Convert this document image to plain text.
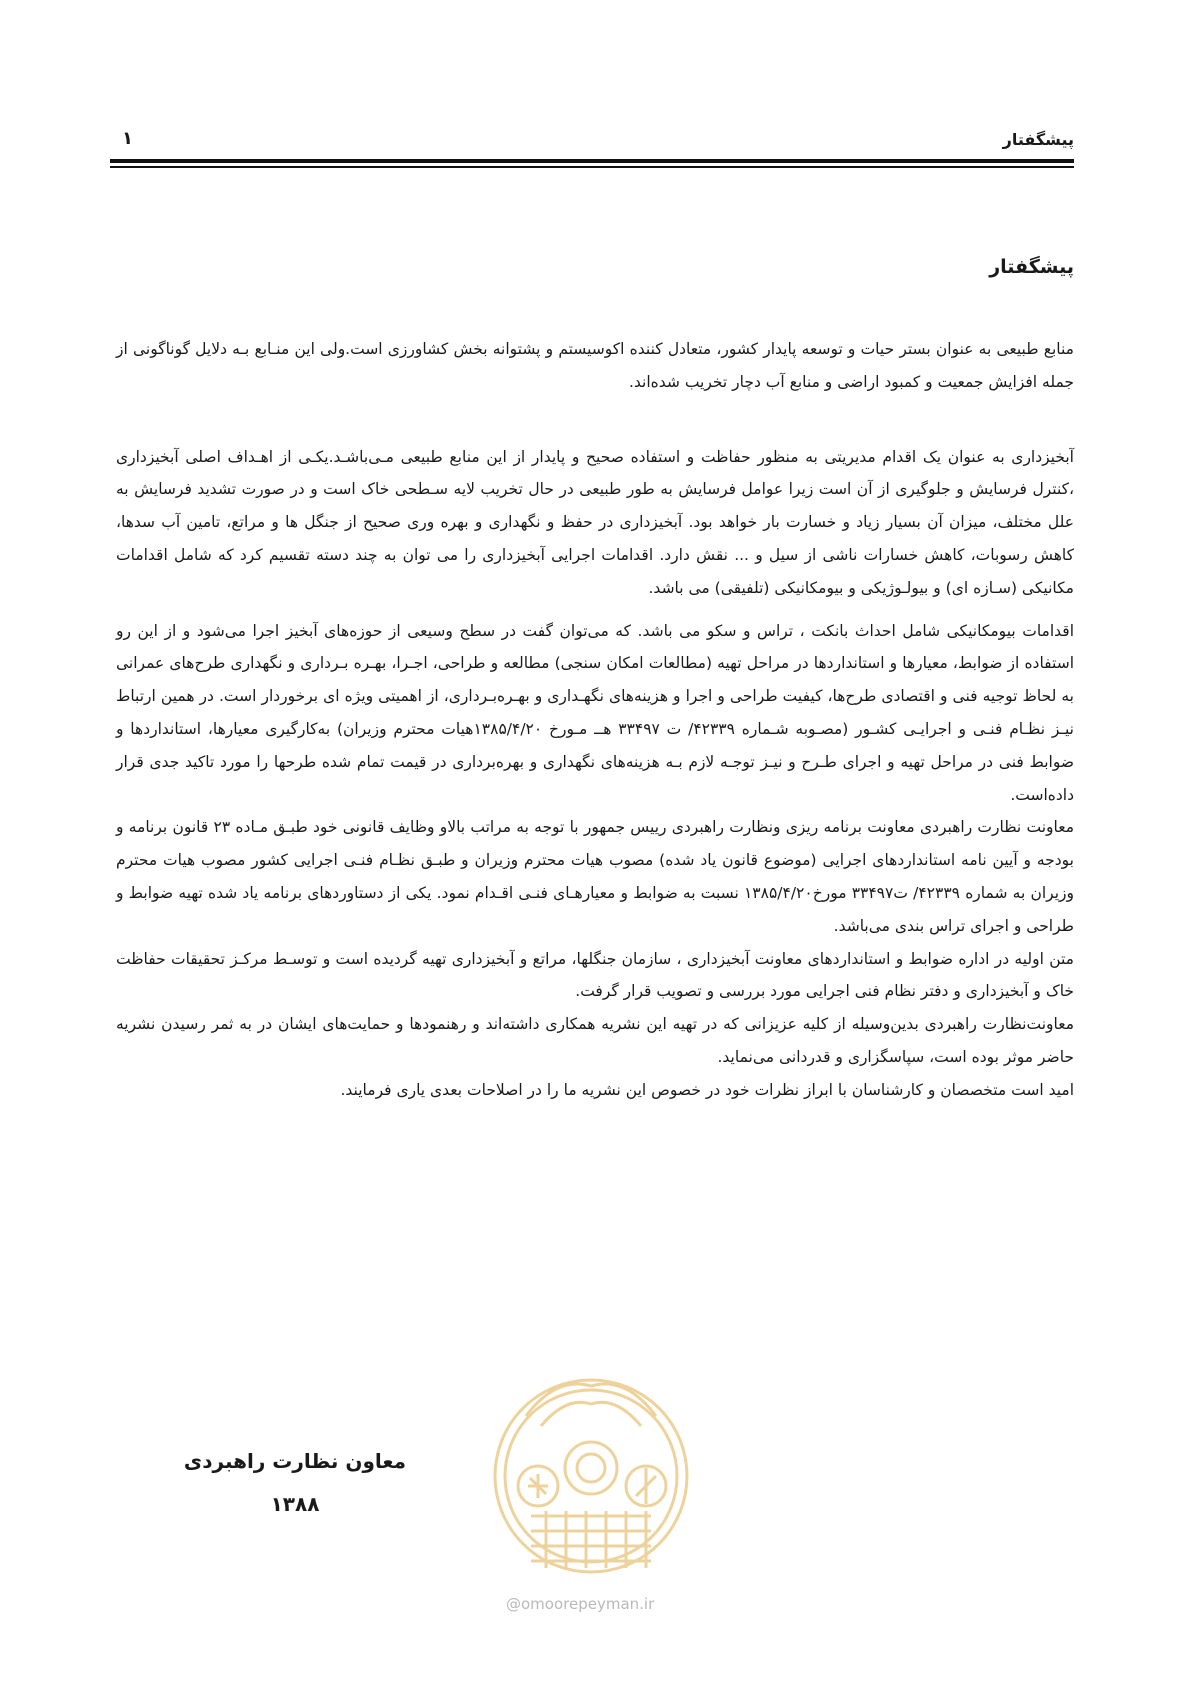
پیشگفتار
۱
پیشگفتار

منابع طبیعی به عنوان بستر حیات و توسعه پایدار کشور، متعادل کننده اکوسیستم و پشتوانه بخش کشاورزی است.ولی این منـابع بـه دلایل گوناگونی از جمله افزایش جمعیت و کمبود اراضی و منابع آب دچار تخریب شده‌اند.

آبخیزداری به عنوان یک اقدام مدیریتی به منظور حفاظت و استفاده صحیح و پایدار از این منابع طبیعی مـی‌باشـد.یکـی از اهـداف اصلی آبخیزداری ،کنترل فرسایش و جلوگیری از آن است زیرا عوامل فرسایش به طور طبیعی در حال تخریب لایه سـطحی خاک است و در صورت تشدید فرسایش به علل مختلف، میزان آن بسیار زیاد و خسارت بار خواهد بود. آبخیزداری در حفظ و نگهداری و بهره وری صحیح از جنگل ها و مراتع، تامین آب سدها، کاهش رسوبات، کاهش خسارات ناشی از سیل و ... نقش دارد. اقدامات اجرایی آبخیزداری را می توان به چند دسته تقسیم کرد که شامل اقدامات مکانیکی (سـازه ای) و بیولـوژیکی و بیومکانیکی (تلفیقی) می باشد.

اقدامات بیومکانیکی شامل احداث بانکت ، تراس و سکو می باشد. که می‌توان گفت در سطح وسیعی از حوزه‌های آبخیز اجرا می‌شود و از این رو استفاده از ضوابط، معیارها و استانداردها در مراحل تهیه (مطالعات امکان سنجی) مطالعه و طراحی، اجـرا، بهـره بـرداری و نگهداری طرح‌های عمرانی به لحاظ توجیه فنی و اقتصادی طرح‌ها، کیفیت طراحی و اجرا و هزینه‌های نگهـداری و بهـره‌بـرداری، از اهمیتی ویژه ای برخوردار است. در همین ارتباط نیـز نظـام فنـی و اجرایـی کشـور (مصـوبه شـماره ۴۲۳۳۹/ ت ۳۳۴۹۷ هــ مـورخ ۱۳۸۵/۴/۲۰هیات محترم وزیران) به‌کارگیری معیارها، استانداردها و ضوابط فنی در مراحل تهیه و اجرای طـرح و نیـز توجـه لازم بـه هزینه‌های نگهداری و بهره‌برداری در قیمت تمام شده طرحها را مورد تاکید جدی قرار داده‌است.

معاونت نظارت راهبردی معاونت برنامه ریزی ونظارت راهبردی رییس جمهور با توجه به مراتب بالاو وظایف قانونی خود طبـق مـاده ۲۳ قانون برنامه و بودجه و آیین نامه استانداردهای اجرایی (موضوع قانون یاد شده) مصوب هیات محترم وزیران و طبـق نظـام فنـی اجرایی کشور مصوب هیات محترم وزیران به شماره ۴۲۳۳۹/ ت۳۳۴۹۷ مورخ۱۳۸۵/۴/۲۰ نسبت به ضوابط و معیارهـای فنـی اقـدام نمود. یکی از دستاوردهای برنامه یاد شده تهیه ضوابط و طراحی و اجرای تراس بندی می‌باشد.

متن اولیه در اداره ضوابط و استانداردهای معاونت آبخیزداری ، سازمان جنگلها، مراتع و آبخیزداری تهیه گردیده است و توسـط مرکـز تحقیقات حفاظت خاک و آبخیزداری و دفتر نظام فنی اجرایی مورد بررسی و تصویب قرار گرفت.

معاونت‌نظارت راهبردی بدین‌وسیله از کلیه عزیزانی که در تهیه این نشریه همکاری داشته‌اند و رهنمودها و حمایت‌های ایشان در به ثمر رسیدن نشریه حاضر موثر بوده است، سپاسگزاری و قدردانی می‌نماید.

امید است متخصصان و کارشناسان با ابراز نظرات خود در خصوص این نشریه ما را در اصلاحات بعدی یاری فرمایند.

@omoorepeyman.ir
معاون نظارت راهبردی
۱۳۸۸
